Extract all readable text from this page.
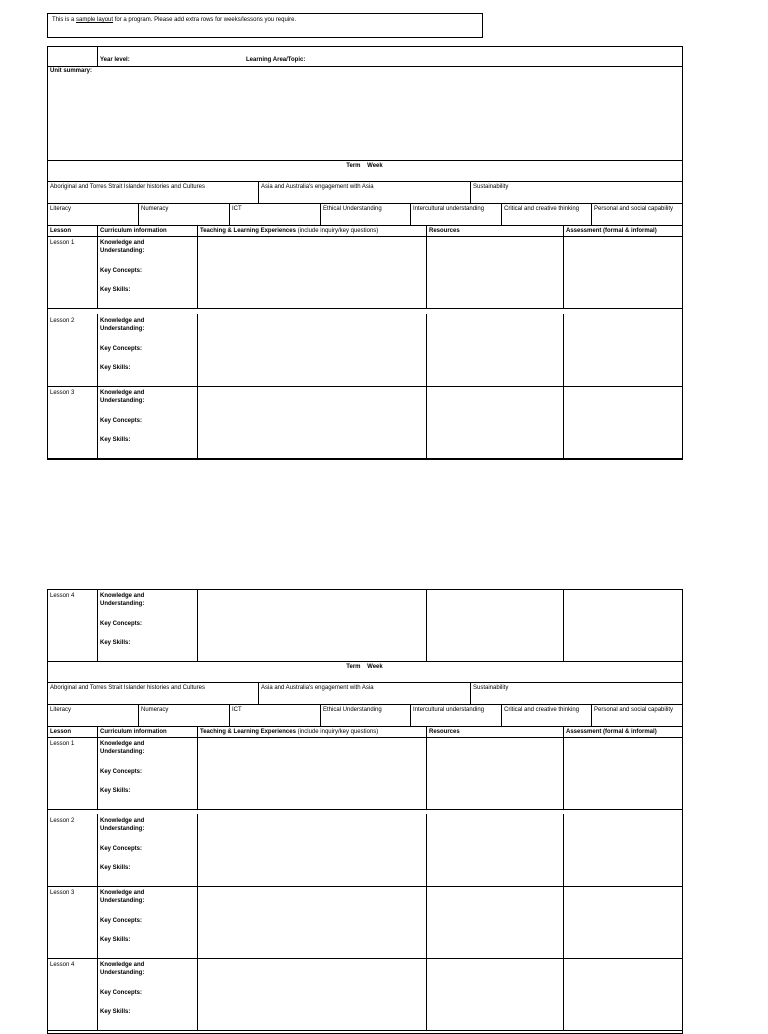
This is a sample layout for a program. Please add extra rows for weeks/lessons you require.
Year level:	Learning Area/Topic:
Unit summary:
Term    Week
Aboriginal and Torres Strait Islander histories and Cultures	Asia and Australia's engagement with Asia	Sustainability
Literacy	Numeracy	ICT	Ethical Understanding	Intercultural understanding	Critical and creative thinking	Personal and social capability
Lesson	Curriculum information	Teaching & Learning Experiences (include inquiry/key questions)	Resources	Assessment (formal & informal)
Lesson 1	Knowledge and Understanding:
Key Concepts:
Key Skills:
Lesson 2	Knowledge and Understanding:
Key Concepts:
Key Skills:
Lesson 3	Knowledge and Understanding:
Key Concepts:
Key Skills:
Lesson 4	Knowledge and Understanding:
Key Concepts:
Key Skills:
Term    Week
Aboriginal and Torres Strait Islander histories and Cultures	Asia and Australia's engagement with Asia	Sustainability
Literacy	Numeracy	ICT	Ethical Understanding	Intercultural understanding	Critical and creative thinking	Personal and social capability
Lesson	Curriculum information	Teaching & Learning Experiences (include inquiry/key questions)	Resources	Assessment (formal & informal)
Lesson 1	Knowledge and Understanding:
Key Concepts:
Key Skills:
Lesson 2	Knowledge and Understanding:
Key Concepts:
Key Skills:
Lesson 3	Knowledge and Understanding:
Key Concepts:
Key Skills:
Lesson 4	Knowledge and Understanding:
Key Concepts:
Key Skills:
